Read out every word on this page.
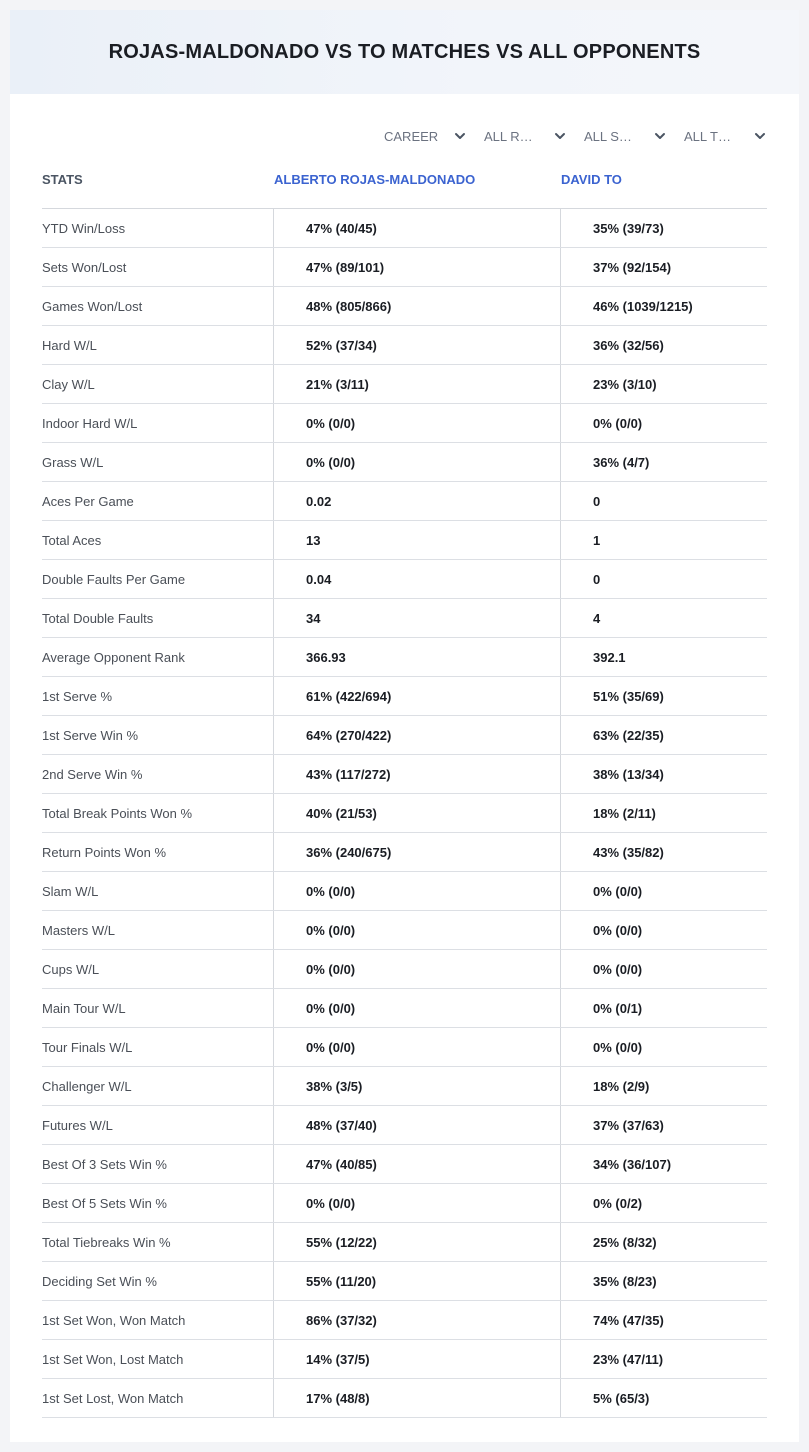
ROJAS-MALDONADO VS TO MATCHES VS ALL OPPONENTS
CAREER	ALL R…	ALL S…	ALL T…
STATS	ALBERTO ROJAS-MALDONADO	DAVID TO
YTD Win/Loss	47% (40/45)	35% (39/73)
Sets Won/Lost	47% (89/101)	37% (92/154)
Games Won/Lost	48% (805/866)	46% (1039/1215)
Hard W/L	52% (37/34)	36% (32/56)
Clay W/L	21% (3/11)	23% (3/10)
Indoor Hard W/L	0% (0/0)	0% (0/0)
Grass W/L	0% (0/0)	36% (4/7)
Aces Per Game	0.02	0
Total Aces	13	1
Double Faults Per Game	0.04	0
Total Double Faults	34	4
Average Opponent Rank	366.93	392.1
1st Serve %	61% (422/694)	51% (35/69)
1st Serve Win %	64% (270/422)	63% (22/35)
2nd Serve Win %	43% (117/272)	38% (13/34)
Total Break Points Won %	40% (21/53)	18% (2/11)
Return Points Won %	36% (240/675)	43% (35/82)
Slam W/L	0% (0/0)	0% (0/0)
Masters W/L	0% (0/0)	0% (0/0)
Cups W/L	0% (0/0)	0% (0/0)
Main Tour W/L	0% (0/0)	0% (0/1)
Tour Finals W/L	0% (0/0)	0% (0/0)
Challenger W/L	38% (3/5)	18% (2/9)
Futures W/L	48% (37/40)	37% (37/63)
Best Of 3 Sets Win %	47% (40/85)	34% (36/107)
Best Of 5 Sets Win %	0% (0/0)	0% (0/2)
Total Tiebreaks Win %	55% (12/22)	25% (8/32)
Deciding Set Win %	55% (11/20)	35% (8/23)
1st Set Won, Won Match	86% (37/32)	74% (47/35)
1st Set Won, Lost Match	14% (37/5)	23% (47/11)
1st Set Lost, Won Match	17% (48/8)	5% (65/3)
